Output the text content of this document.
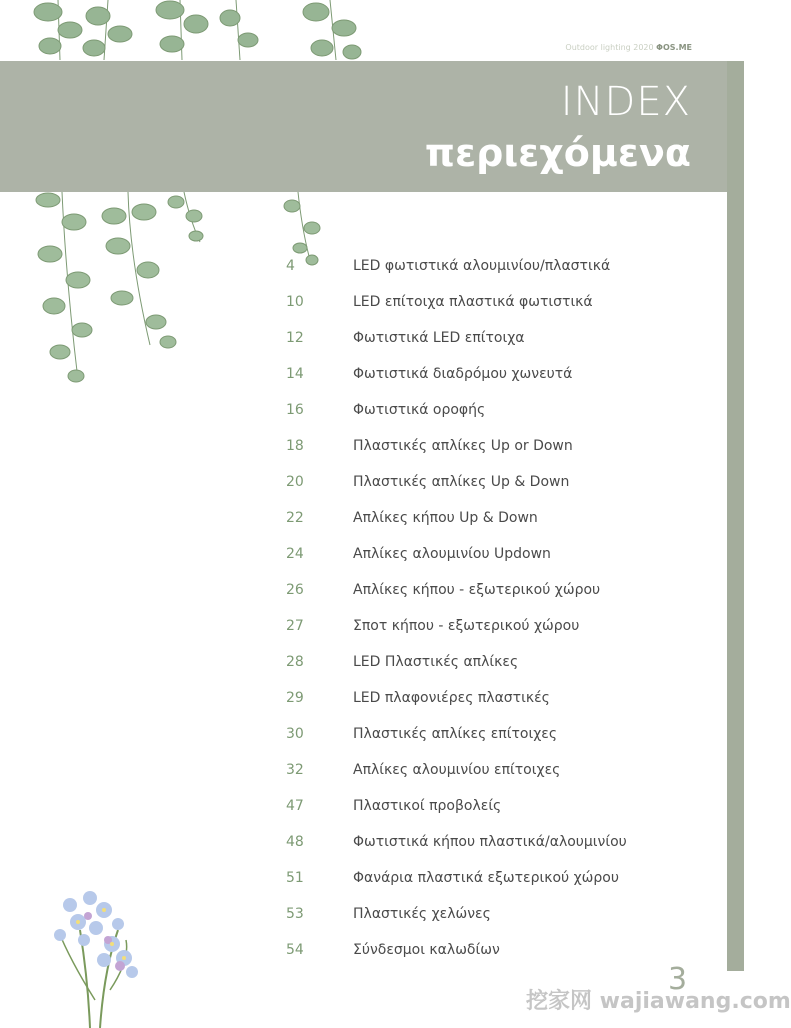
Outdoor lighting 2020 ΦOS.ME
INDEX
περιεχόμενα
4	LED φωτιστικά αλουμινίου/πλαστικά
10	LED επίτοιχα πλαστικά φωτιστικά
12	Φωτιστικά LED επίτοιχα
14	Φωτιστικά διαδρόμου χωνευτά
16	Φωτιστικά οροφής
18	Πλαστικές απλίκες Up or Down
20	Πλαστικές απλίκες Up & Down
22	Απλίκες κήπου Up & Down
24	Απλίκες αλουμινίου Updown
26	Απλίκες κήπου - εξωτερικού χώρου
27	Σποτ κήπου - εξωτερικού χώρου
28	LED Πλαστικές απλίκες
29	LED πλαφονιέρες πλαστικές
30	Πλαστικές απλίκες επίτοιχες
32	Απλίκες αλουμινίου επίτοιχες
47	Πλαστικοί προβολείς
48	Φωτιστικά κήπου πλαστικά/αλουμινίου
51	Φανάρια πλαστικά εξωτερικού χώρου
53	Πλαστικές χελώνες
54	Σύνδεσμοι καλωδίων
3
挖家网 wajiawang.com
